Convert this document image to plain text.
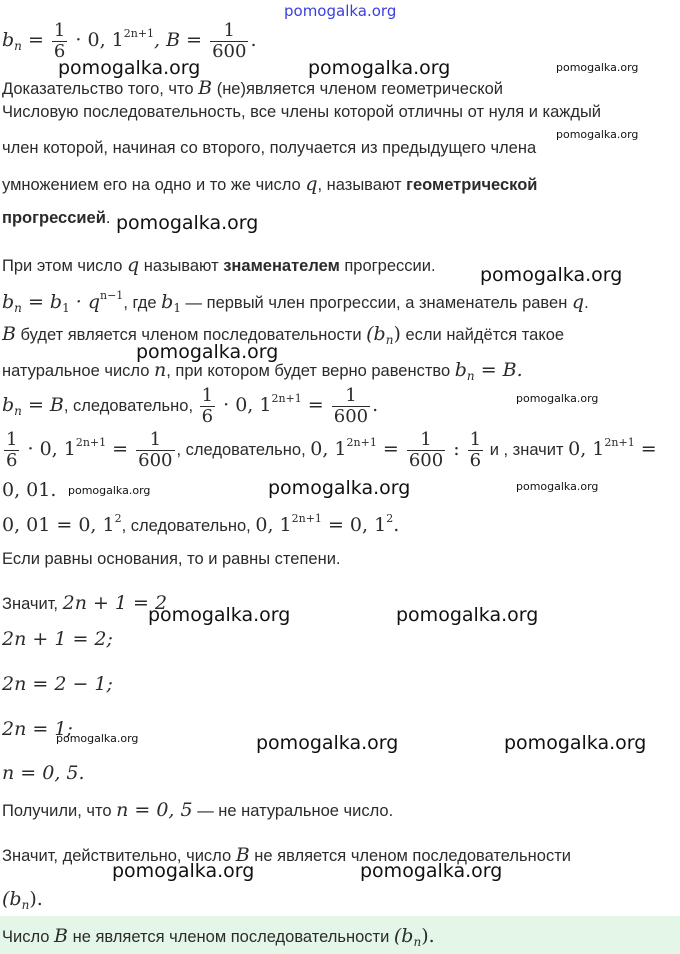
pomogalka.org
$b_n = \frac{1}{6} \cdot 0$, $1^{2n+1}$, $B = \frac{1}{600}$ .
Доказательство того, что B (не)является членом геометрической
Числовую последовательность, все члены которой отличны от нуля и каждый
член которой, начиная со второго, получается из предыдущего члена
умножением его на одно и то же число q, называют геометрической
прогрессией.
При этом число q называют знаменателем прогрессии.
$b_n = b_1 \cdot q^{n-1}$, где $b_1$ — первый член прогрессии, а знаменатель равен q.
B будет является членом последовательности $(b_n)$ если найдётся такое
натуральное число n, при котором будет верно равенство $b_n = B$.
$b_n = B$, следовательно, $\frac{1}{6} \cdot 0$, $1^{2n+1} = \frac{1}{600}$ .
$\frac{1}{6} \cdot 0$, $1^{2n+1} = \frac{1}{600}$ , следовательно, 0, $1^{2n+1} = \frac{1}{600}$ : $\frac{1}{6}$ и , значит 0, $1^{2n+1}$ =
0, 01.
0, 01 = 0, $1^2$, следовательно, 0, $1^{2n+1} = 0$, $1^2$.
Если равны основания, то и равны степени.
Значит, 2n + 1 = 2
2n + 1 = 2;
2n = 2 − 1;
2n = 1;
n = 0, 5.
Получили, что n = 0, 5 — не натуральное число.
Значит, действительно, число B не является членом последовательности
$(b_n)$.
Число B не является членом последовательности $(b_n)$.
pomogalka.org	pomogalka.org	pomogalka.org
pomogalka.org
pomogalka.org
pomogalka.org
pomogalka.org
pomogalka.org
pomogalka.org	pomogalka.org	pomogalka.org
pomogalka.org	pomogalka.org
pomogalka.org	pomogalka.org	pomogalka.org
pomogalka.org	pomogalka.org
